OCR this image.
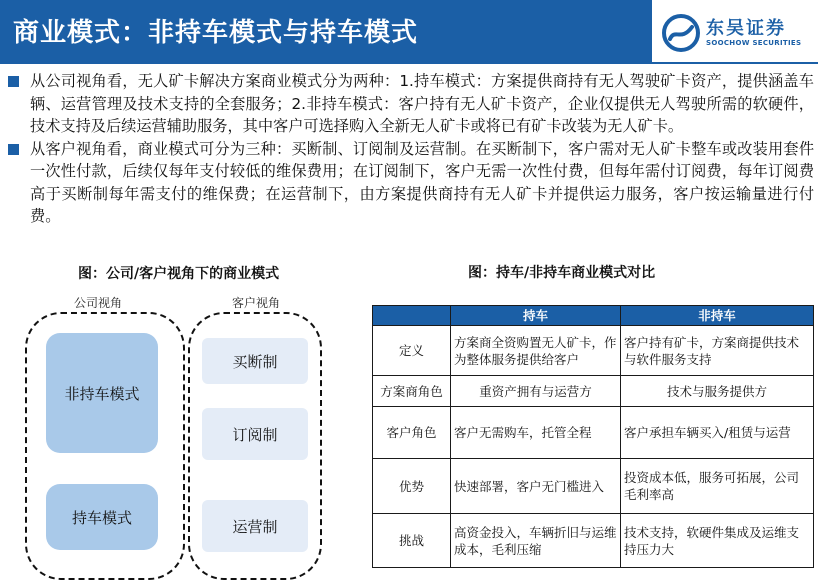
商业模式：非持车模式与持车模式	东吴证券
SOOCHOW SECURITIES
从公司视角看，无人矿卡解决方案商业模式分为两种：1.持车模式：方案提供商持有无人驾驶矿卡资产，提供涵盖车辆、运营管理及技术支持的全套服务；2.非持车模式：客户持有无人矿卡资产，企业仅提供无人驾驶所需的软硬件，技术支持及后续运营辅助服务，其中客户可选择购入全新无人矿卡或将已有矿卡改装为无人矿卡。
从客户视角看，商业模式可分为三种：买断制、订阅制及运营制。在买断制下，客户需对无人矿卡整车或改装用套件一次性付款，后续仅每年支付较低的维保费用；在订阅制下，客户无需一次性付费，但每年需付订阅费，每年订阅费高于买断制每年需支付的维保费；在运营制下，由方案提供商持有无人矿卡并提供运力服务，客户按运输量进行付费。
图：公司/客户视角下的商业模式
公司视角	客户视角
非持车模式
持车模式
买断制
订阅制
运营制
图：持车/非持车商业模式对比
	持车	非持车
定义	方案商全资购置无人矿卡，作为整体服务提供给客户	客户持有矿卡，方案商提供技术与软件服务支持
方案商角色	重资产拥有与运营方	技术与服务提供方
客户角色	客户无需购车，托管全程	客户承担车辆买入/租赁与运营
优势	快速部署，客户无门槛进入	投资成本低，服务可拓展，公司毛利率高
挑战	高资金投入，车辆折旧与运维成本，毛利压缩	技术支持，软硬件集成及运维支持压力大
